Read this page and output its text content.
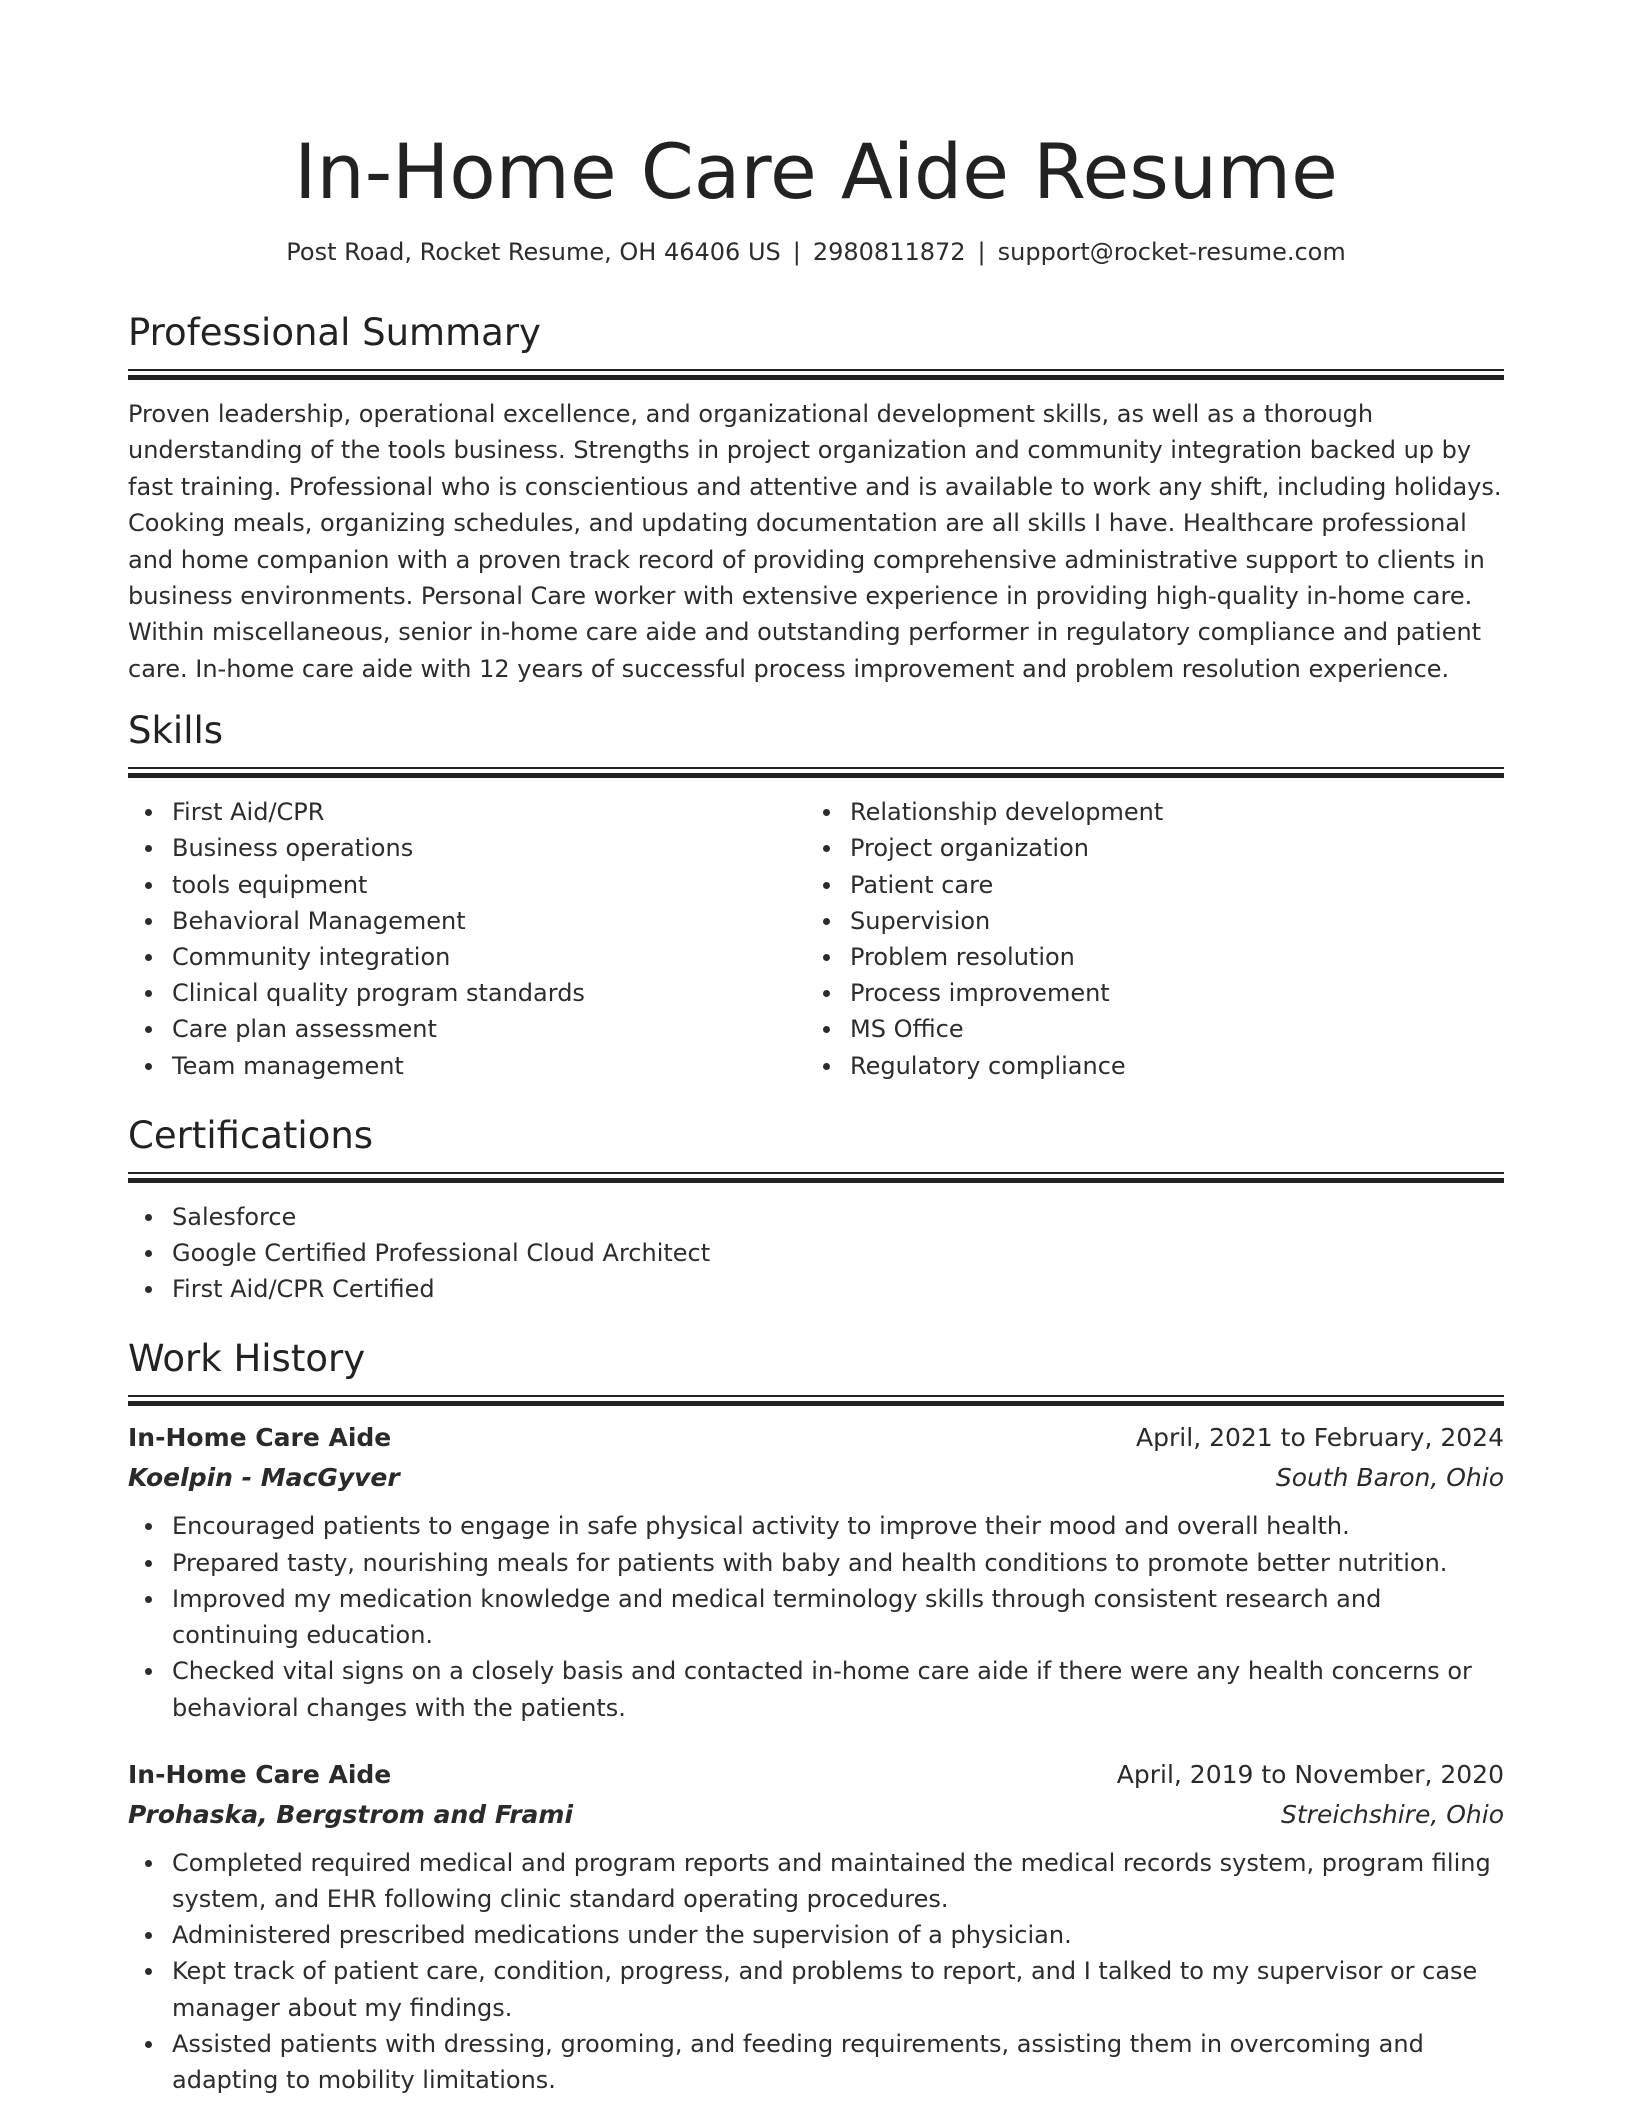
In-Home Care Aide Resume
Post Road, Rocket Resume, OH 46406 US | 2980811872 | support@rocket-resume.com
Professional Summary

Proven leadership, operational excellence, and organizational development skills, as well as a thorough understanding of the tools business. Strengths in project organization and community integration backed up by fast training. Professional who is conscientious and attentive and is available to work any shift, including holidays. Cooking meals, organizing schedules, and updating documentation are all skills I have. Healthcare professional and home companion with a proven track record of providing comprehensive administrative support to clients in business environments. Personal Care worker with extensive experience in providing high-quality in-home care. Within miscellaneous, senior in-home care aide and outstanding performer in regulatory compliance and patient care. In-home care aide with 12 years of successful process improvement and problem resolution experience.

Skills
First Aid/CPR
Business operations
tools equipment
Behavioral Management
Community integration
Clinical quality program standards
Care plan assessment
Team management
Relationship development
Project organization
Patient care
Supervision
Problem resolution
Process improvement
MS Office
Regulatory compliance
Certifications
Salesforce
Google Certified Professional Cloud Architect
First Aid/CPR Certified
Work History
In-Home Care Aide	April, 2021 to February, 2024
Koelpin - MacGyver	South Baron, Ohio
Encouraged patients to engage in safe physical activity to improve their mood and overall health.
Prepared tasty, nourishing meals for patients with baby and health conditions to promote better nutrition.
Improved my medication knowledge and medical terminology skills through consistent research and continuing education.
Checked vital signs on a closely basis and contacted in-home care aide if there were any health concerns or behavioral changes with the patients.
In-Home Care Aide	April, 2019 to November, 2020
Prohaska, Bergstrom and Frami	Streichshire, Ohio
Completed required medical and program reports and maintained the medical records system, program filing system, and EHR following clinic standard operating procedures.
Administered prescribed medications under the supervision of a physician.
Kept track of patient care, condition, progress, and problems to report, and I talked to my supervisor or case manager about my findings.
Assisted patients with dressing, grooming, and feeding requirements, assisting them in overcoming and adapting to mobility limitations.
